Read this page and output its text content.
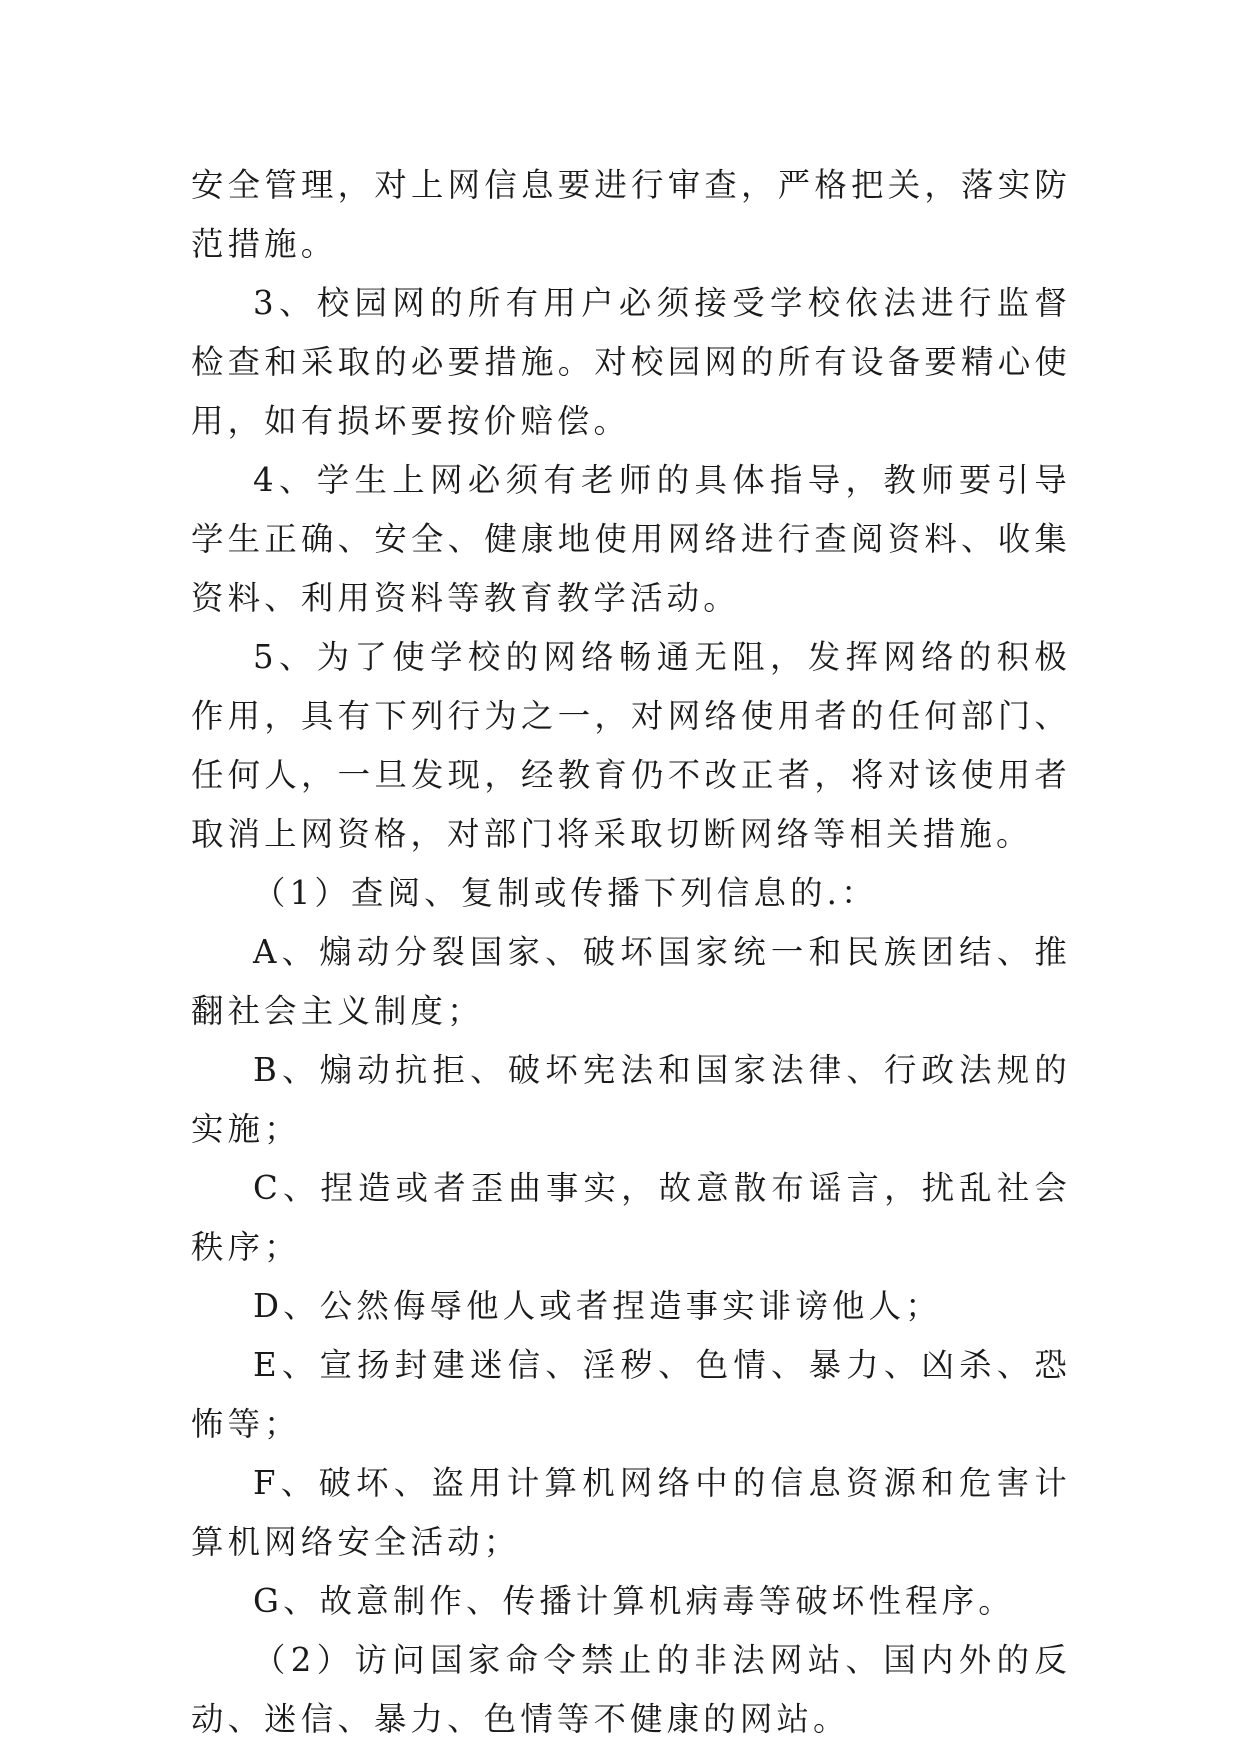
安全管理，对上网信息要进行审查，严格把关，落实防范措施。

3、校园网的所有用户必须接受学校依法进行监督检查和采取的必要措施。对校园网的所有设备要精心使用，如有损坏要按价赔偿。

4、学生上网必须有老师的具体指导，教师要引导学生正确、安全、健康地使用网络进行查阅资料、收集资料、利用资料等教育教学活动。

5、为了使学校的网络畅通无阻，发挥网络的积极作用，具有下列行为之一，对网络使用者的任何部门、任何人，一旦发现，经教育仍不改正者，将对该使用者取消上网资格，对部门将采取切断网络等相关措施。

（1）查阅、复制或传播下列信息的.：

A、煽动分裂国家、破坏国家统一和民族团结、推翻社会主义制度；

B、煽动抗拒、破坏宪法和国家法律、行政法规的实施；

C、捏造或者歪曲事实，故意散布谣言，扰乱社会秩序；

D、公然侮辱他人或者捏造事实诽谤他人；

E、宣扬封建迷信、淫秽、色情、暴力、凶杀、恐怖等；

F、破坏、盗用计算机网络中的信息资源和危害计算机网络安全活动；

G、故意制作、传播计算机病毒等破坏性程序。

（2）访问国家命令禁止的非法网站、国内外的反动、迷信、暴力、色情等不健康的网站。
